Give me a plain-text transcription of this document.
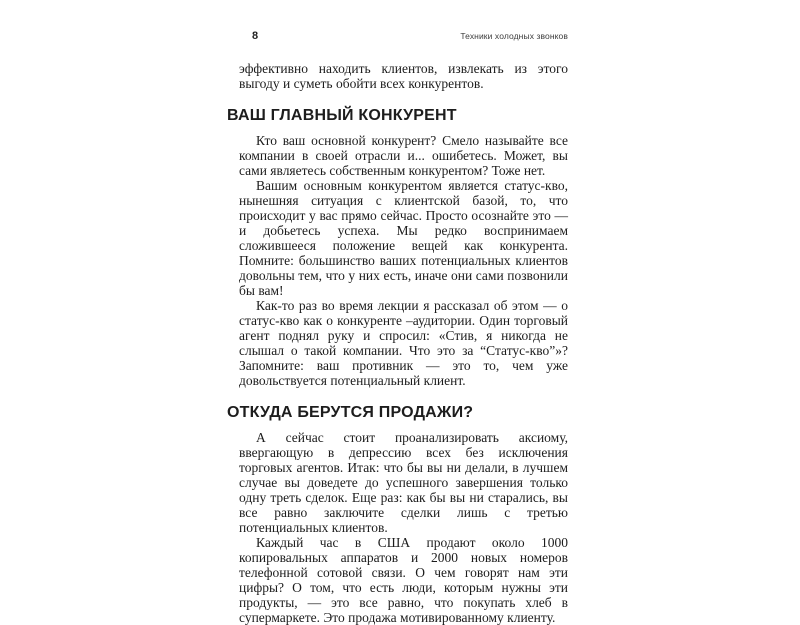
8	Техники холодных звонков

эффективно находить клиентов, извлекать из этого выгоду и суметь обойти всех конкурентов.

ВАШ ГЛАВНЫЙ КОНКУРЕНТ

Кто ваш основной конкурент? Смело называйте все компании в своей отрасли и... ошибетесь. Может, вы сами являетесь собственным конкурентом? Тоже нет.

Вашим основным конкурентом является статус-кво, нынешняя ситуация с клиентской базой, то, что происходит у вас прямо сейчас. Просто осознайте это — и добьетесь успеха. Мы редко воспринимаем сложившееся положение вещей как конкурента. Помните: большинство ваших потенциальных клиентов довольны тем, что у них есть, иначе они сами позвонили бы вам!

Как-то раз во время лекции я рассказал об этом — о статус-кво как о конкуренте –аудитории. Один торговый агент поднял руку и спросил: «Стив, я никогда не слышал о такой компании. Что это за “Статус-кво”»? Запомните: ваш противник — это то, чем уже довольствуется потенциальный клиент.

ОТКУДА БЕРУТСЯ ПРОДАЖИ?

А сейчас стоит проанализировать аксиому, ввергающую в депрессию всех без исключения торговых агентов. Итак: что бы вы ни делали, в лучшем случае вы доведете до успешного завершения только одну треть сделок. Еще раз: как бы вы ни старались, вы все равно заключите сделки лишь с третью потенциальных клиентов.

Каждый час в США продают около 1000 копировальных аппаратов и 2000 новых номеров телефонной сотовой связи. О чем говорят нам эти цифры? О том, что есть люди, которым нужны эти продукты, — это все равно, что покупать хлеб в супермаркете. Это продажа мотивированному клиенту.
